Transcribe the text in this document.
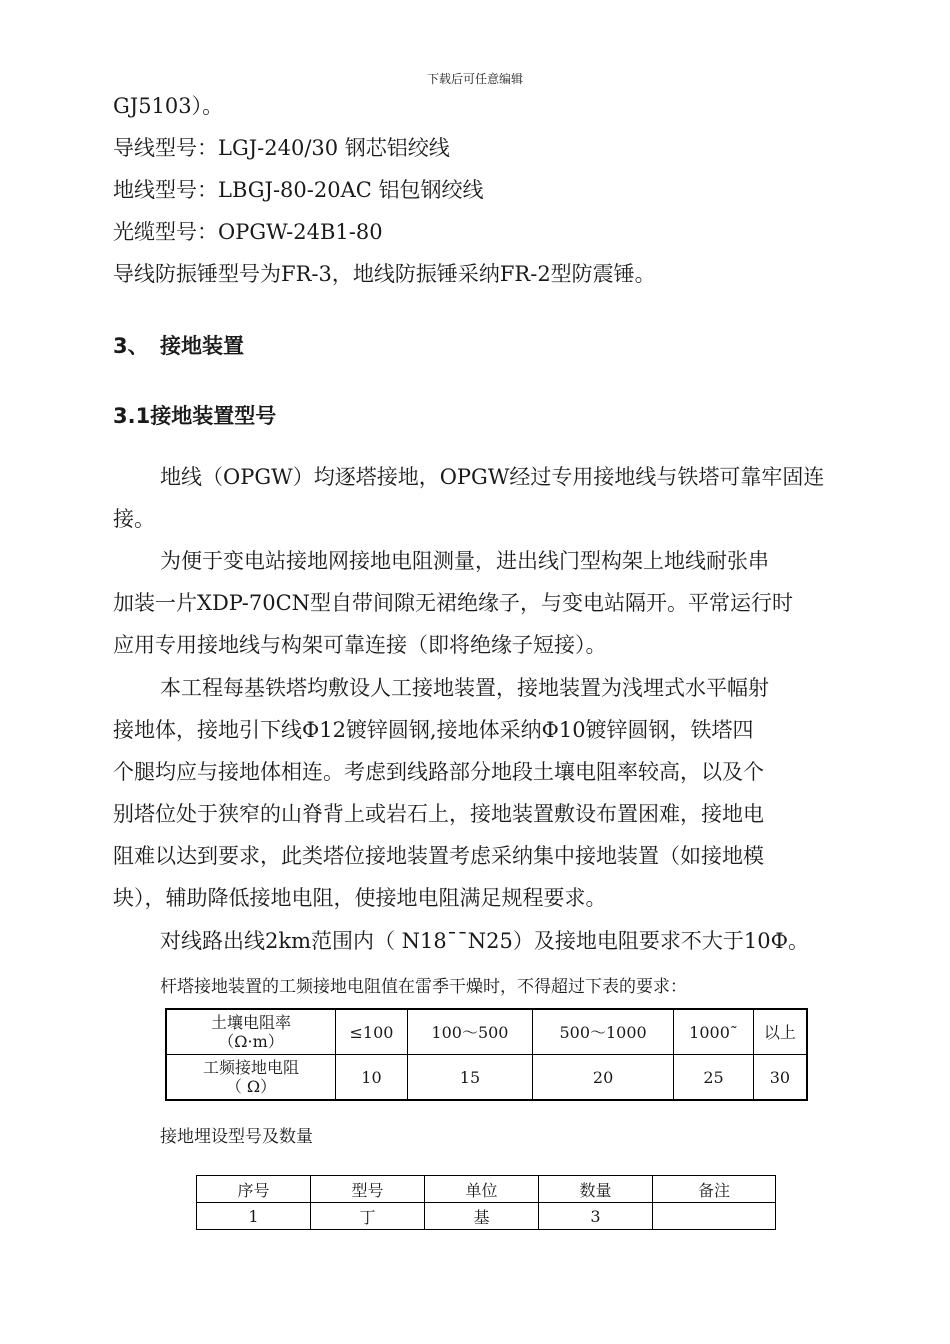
下载后可任意编辑
GJ5103）。
导线型号：LGJ-240/30 钢芯铝绞线
地线型号：LBGJ-80-20AC 铝包钢绞线
光缆型号：OPGW-24B1-80
导线防振锤型号为FR-3，地线防振锤采纳FR-2型防震锤。
3、 接地装置
3.1接地装置型号
地线（OPGW）均逐塔接地，OPGW经过专用接地线与铁塔可靠牢固连
接。
为便于变电站接地网接地电阻测量，进出线门型构架上地线耐张串
加装一片XDP-70CN型自带间隙无裙绝缘子，与变电站隔开。平常运行时
应用专用接地线与构架可靠连接（即将绝缘子短接）。
本工程每基铁塔均敷设人工接地装置，接地装置为浅埋式水平幅射
接地体，接地引下线Φ12镀锌圆钢,接地体采纳Φ10镀锌圆钢，铁塔四
个腿均应与接地体相连。考虑到线路部分地段土壤电阻率较高，以及个
别塔位处于狭窄的山脊背上或岩石上，接地装置敷设布置困难，接地电
阻难以达到要求，此类塔位接地装置考虑采纳集中接地装置（如接地模
块），辅助降低接地电阻，使接地电阻满足规程要求。
对线路出线2km范围内（ N18¯¯N25）及接地电阻要求不大于10Ф。
杆塔接地装置的工频接地电阻值在雷季干燥时，不得超过下表的要求：
土壤电阻率
（Ω·m）	≤100	100～500	500～1000	1000˜	以上

工频接地电阻
（ Ω）	10	15	20	25	30
接地埋设型号及数量
序号	型号	单位	数量	备注
1	丁	基	3	
